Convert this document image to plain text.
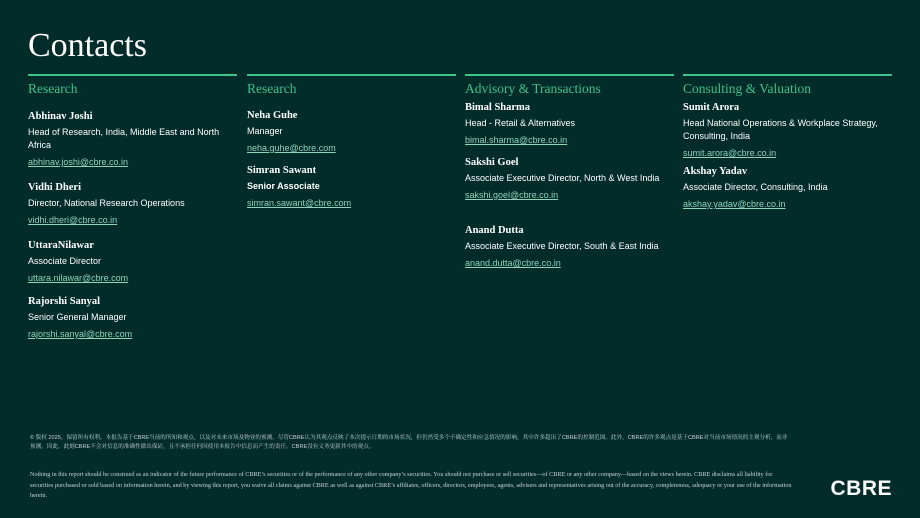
Contacts
Research
Abhinav Joshi
Head of Research, India, Middle East and North Africa
abhinav.joshi@cbre.co.in
Vidhi Dheri
Director, National Research Operations
vidhi.dheri@cbre.co.in
UttaraNilawar
Associate Director
uttara.nilawar@cbre.com
Rajorshi Sanyal
Senior General Manager
rajorshi.sanyal@cbre.com
Research
Neha Guhe
Manager
neha.guhe@cbre.com
Simran Sawant
Senior Associate
simran.sawant@cbre.com
Advisory & Transactions
Bimal Sharma
Head - Retail & Alternatives
bimal.sharma@cbre.co.in
Sakshi Goel
Associate Executive Director, North & West India
sakshi.goel@cbre.co.in
Anand Dutta
Associate Executive Director, South & East India
anand.dutta@cbre.co.in
Consulting & Valuation
Sumit Arora
Head National Operations & Workplace Strategy, Consulting, India
sumit.arora@cbre.co.in
Akshay Yadav
Associate Director, Consulting, India
akshay.yadav@cbre.co.in
© 版权 2025。保留所有权利。本报告基于CBRE当前的所知和观点，以及对未来市场及物业的预测。尽管CBRE认为其观点反映了本次提示日期的市场状况，但仍然受多个不确定性和应急情况的影响，其中许多超出了CBRE的控制范围。此外，CBRE的许多观点是基于CBRE对当前市场情况的主观分析，而非预测。因此，此刻CBRE不会对信息的准确性做出保证，且不承担任何因使用本报告中信息而产生的责任。CBRE没有义务更新其中的观点。
Nothing in this report should be construed as an indicator of the future performance of CBRE’s securities or of the performance of any other company’s securities. You should not purchase or sell securities—of CBRE or any other company—based on the views herein. CBRE disclaims all liability for securities purchased or sold based on information herein, and by viewing this report, you waive all claims against CBRE as well as against CBRE’s affiliates, officers, directors, employees, agents, advisers and representatives arising out of the accuracy, completeness, adequacy or your use of the information herein.	CBRE
